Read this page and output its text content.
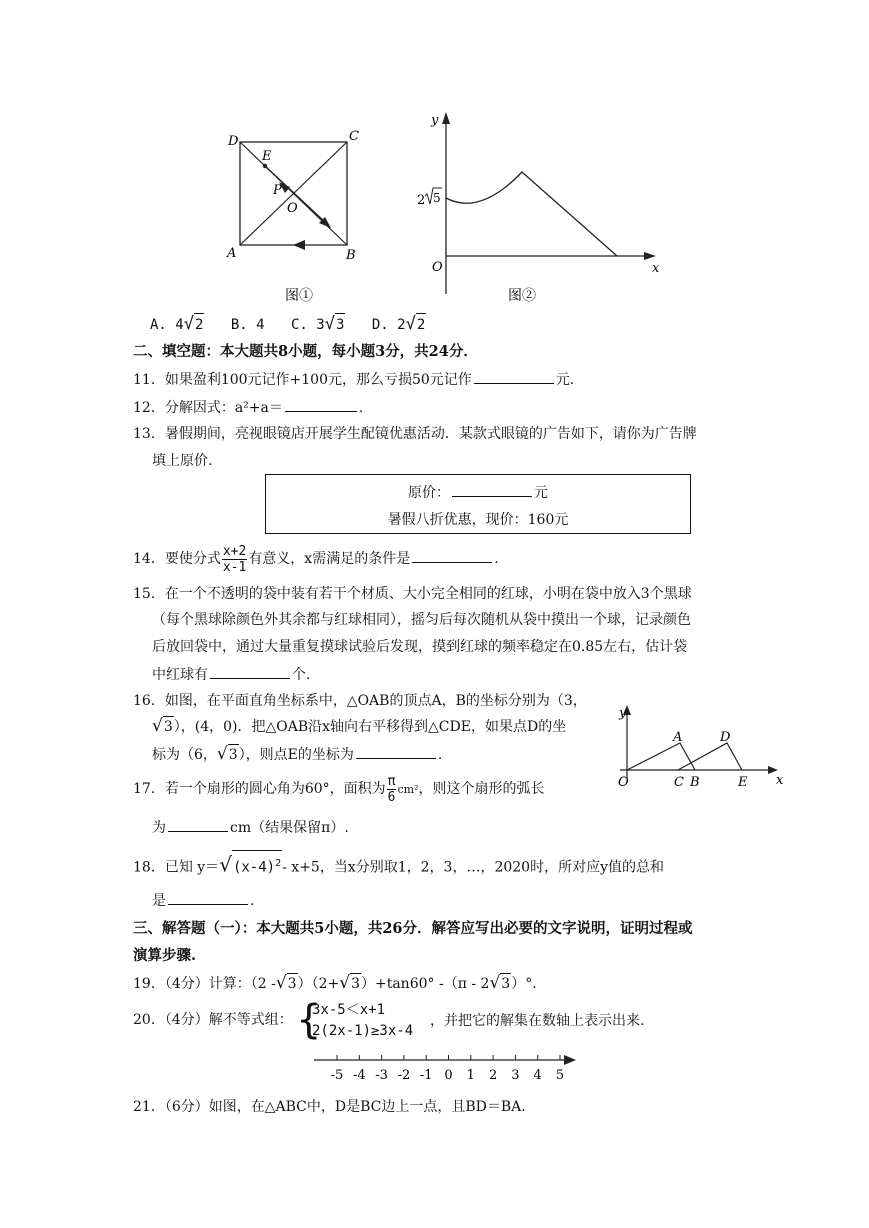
D	C
E
P
O
A	B
图①
y
x
O
2 5
图②
A. 4√2 B. 4 C. 3√3 D. 2√2
二、填空题：本大题共8小题，每小题3分，共24分．
11．如果盈利100元记作+100元，那么亏损50元记作	元.
12．分解因式：a²+a＝	.
13．暑假期间，亮视眼镜店开展学生配镜优惠活动．某款式眼镜的广告如下，请你为广告牌
填上原价.
原价：	元
暑假八折优惠，现价：160元
14．要使分式 $\frac{x+2}{x-1}$ 有意义，x需满足的条件是	.
15．在一个不透明的袋中装有若干个材质、大小完全相同的红球，小明在袋中放入3个黑球
（每个黑球除颜色外其余都与红球相同），摇匀后每次随机从袋中摸出一个球，记录颜色
后放回袋中，通过大量重复摸球试验后发现，摸到红球的频率稳定在0.85左右，估计袋
中红球有	个.
16．如图，在平面直角坐标系中，△OAB的顶点A，B的坐标分别为（3，
√3），(4，0)．把△OAB沿x轴向右平移得到△CDE，如果点D的坐
标为（6，√3），则点E的坐标为	.
y
x
O
A	D
C B	E
17．若一个扇形的圆心角为60°，面积为 $\frac{\pi}{6} cm^2$，则这个扇形的弧长
为	cm（结果保留π）.
18．已知 $y=√(x-4)^2-$ x+5，当x分别取1，2，3，…，2020时，所对应y值的总和
是	.
三、解答题（一）：本大题共5小题，共26分．解答应写出必要的文字说明，证明过程或
演算步骤.
19．（4分）计算：（2 -√3）（2+√3）+tan60° -（π - 2√3）°.
20．（4分）解不等式组： {
3x-5＜x+1
2(2x-1)≥3x-4
，并把它的解集在数轴上表示出来.
-5 -4 -3 -2 -1 0 1 2 3 4 5
21．（6分）如图，在△ABC中，D是BC边上一点，且BD＝BA.
